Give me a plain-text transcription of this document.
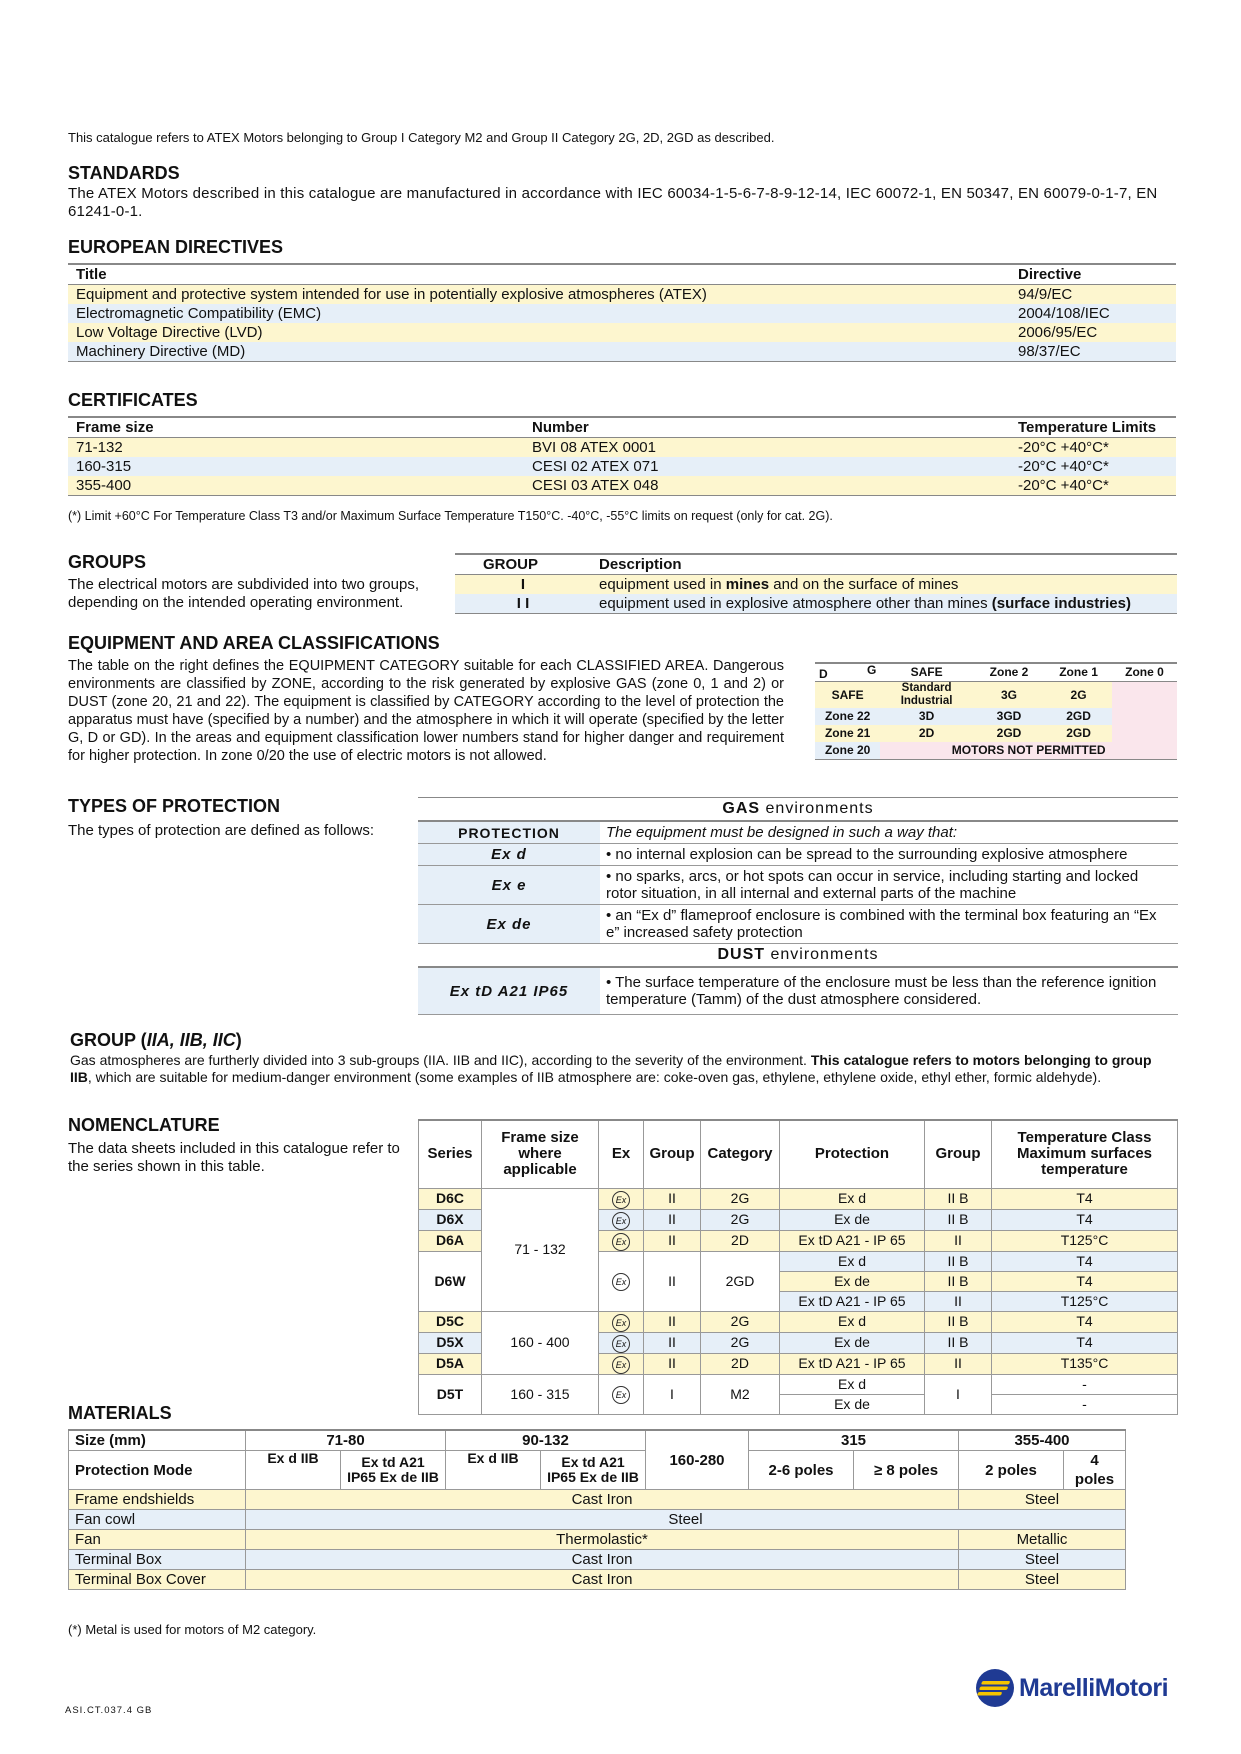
This catalogue refers to ATEX Motors belonging to Group I Category M2 and Group II Category 2G, 2D, 2GD as described.
STANDARDS
The ATEX Motors described in this catalogue are manufactured in accordance with IEC 60034-1-5-6-7-8-9-12-14, IEC 60072-1, EN 50347, EN 60079-0-1-7, EN 61241-0-1.
EUROPEAN DIRECTIVES
Title	Directive
Equipment and protective system intended for use in potentially explosive atmospheres (ATEX)	94/9/EC
Electromagnetic Compatibility (EMC)	2004/108/IEC
Low Voltage Directive (LVD)	2006/95/EC
Machinery Directive (MD)	98/37/EC
CERTIFICATES
Frame size	Number	Temperature Limits
71-132	BVI 08 ATEX 0001	-20°C +40°C*
160-315	CESI 02 ATEX 071	-20°C +40°C*
355-400	CESI 03 ATEX 048	-20°C +40°C*
(*) Limit +60°C For Temperature Class T3 and/or Maximum Surface Temperature T150°C. -40°C, -55°C limits on request (only for cat. 2G).
GROUPS
The electrical motors are subdivided into two groups, depending on the intended operating environment.
GROUP	Description
I	equipment used in mines and on the surface of mines
I I	equipment used in explosive atmosphere other than mines (surface industries)
EQUIPMENT AND AREA CLASSIFICATIONS
The table on the right defines the EQUIPMENT CATEGORY suitable for each CLASSIFIED AREA. Dangerous environments are classified by ZONE, according to the risk generated by explosive GAS (zone 0, 1 and 2) or DUST (zone 20, 21 and 22). The equipment is classified by CATEGORY according to the level of protection the apparatus must have (specified by a number) and the atmosphere in which it will operate (specified by the letter G, D or GD). In the areas and equipment classification lower numbers stand for higher danger and requirement for higher protection. In zone 0/20 the use of electric motors is not allowed.
D G	SAFE	Zone 2	Zone 1	Zone 0
SAFE	Standard Industrial	3G	2G	
Zone 22	3D	3GD	2GD	
Zone 21	2D	2GD	2GD	
Zone 20	MOTORS NOT PERMITTED			
TYPES OF PROTECTION
The types of protection are defined as follows:
GAS environments	
PROTECTION	The equipment must be designed in such a way that:
Ex d	• no internal explosion can be spread to the surrounding explosive atmosphere
Ex e	• no sparks, arcs, or hot spots can occur in service, including starting and locked rotor situation, in all internal and external parts of the machine
Ex de	• an “Ex d” flameproof enclosure is combined with the terminal box featuring an “Ex e” increased safety protection
DUST environments	
Ex tD A21 IP65	• The surface temperature of the enclosure must be less than the reference ignition temperature (Tamm) of the dust atmosphere considered.
GROUP (IIA, IIB, IIC)
Gas atmospheres are furtherly divided into 3 sub-groups (IIA. IIB and IIC), according to the severity of the environment. This catalogue refers to motors belonging to group IIB, which are suitable for medium-danger environment (some examples of IIB atmosphere are: coke-oven gas, ethylene, ethylene oxide, ethyl ether, formic aldehyde).
NOMENCLATURE
The data sheets included in this catalogue refer to the series shown in this table.
Series	Frame size where applicable	Ex	Group	Category	Protection	Group	Temperature Class Maximum surfaces temperature
D6C	71 - 132	Ex	II	2G	Ex d	II B	T4
D6X		Ex	II	2G	Ex de	II B	T4
D6A		Ex	II	2D	Ex tD A21 - IP 65	II	T125°C
D6W		Ex	II	2GD	Ex d	II B	T4
					Ex de	II B	T4
					Ex tD A21 - IP 65	II	T125°C
D5C	160 - 400	Ex	II	2G	Ex d	II B	T4
D5X		Ex	II	2G	Ex de	II B	T4
D5A		Ex	II	2D	Ex tD A21 - IP 65	II	T135°C
D5T	160 - 315	Ex	I	M2	Ex d	I	-
					Ex de		-
MATERIALS
Size (mm)	71-80		90-132		160-280	315		355-400	
Protection Mode	Ex d IIB	Ex td A21 IP65 Ex de IIB	Ex d IIB	Ex td A21 IP65 Ex de IIB		2-6 poles	≥ 8 poles	2 poles	4 poles
Frame endshields	Cast Iron							Steel	
Fan cowl	Steel								
Fan	Thermolastic*							Metallic	
Terminal Box	Cast Iron							Steel	
Terminal Box Cover	Cast Iron							Steel	
(*) Metal is used for motors of M2 category.
ASI.CT.037.4 GB
MarelliMotori
